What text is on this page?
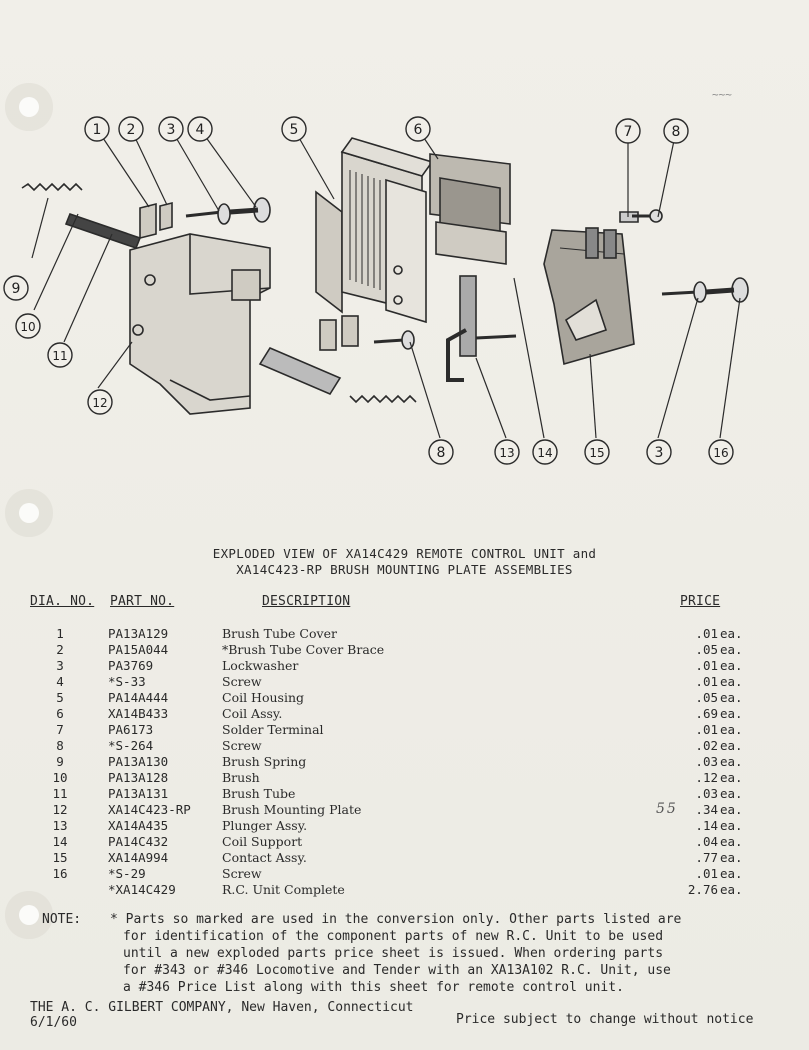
~~~
1 2 3 4	5	6	7	8
9
10
11
12
8	13 14	15	3	16
EXPLODED VIEW OF XA14C429 REMOTE CONTROL UNIT and
XA14C423-RP BRUSH MOUNTING PLATE ASSEMBLIES
DIA. NO. PART NO.	DESCRIPTION	PRICE
1	PA13A129	Brush Tube Cover	.01 ea.
2	PA15A044	*Brush Tube Cover Brace	.05 ea.
3	PA3769	Lockwasher	.01 ea.
4	*S-33	Screw	.01 ea.
5	PA14A444	Coil Housing	.05 ea.
6	XA14B433	Coil Assy.	.69 ea.
7	PA6173	Solder Terminal	.01 ea.
8	*S-264	Screw	.02 ea.
9	PA13A130	Brush Spring	.03 ea.
10	PA13A128	Brush	.12 ea.
11	PA13A131	Brush Tube	.03 ea.
12	XA14C423-RP Brush Mounting Plate	.34 ea.
13	XA14A435	Plunger Assy.	.14 ea.
14	PA14C432	Coil Support	.04 ea.
15	XA14A994	Contact Assy.	.77 ea.
16	*S-29	Screw	.01 ea.
*XA14C429	R.C. Unit Complete	2.76 ea.
55
NOTE: * Parts so marked are used in the conversion only. Other parts listed are
for identification of the component parts of new R.C. Unit to be used
until a new exploded parts price sheet is issued. When ordering parts
for #343 or #346 Locomotive and Tender with an XA13A102 R.C. Unit, use
a #346 Price List along with this sheet for remote control unit.
THE A. C. GILBERT COMPANY, New Haven, Connecticut
6/1/60	Price subject to change without notice
